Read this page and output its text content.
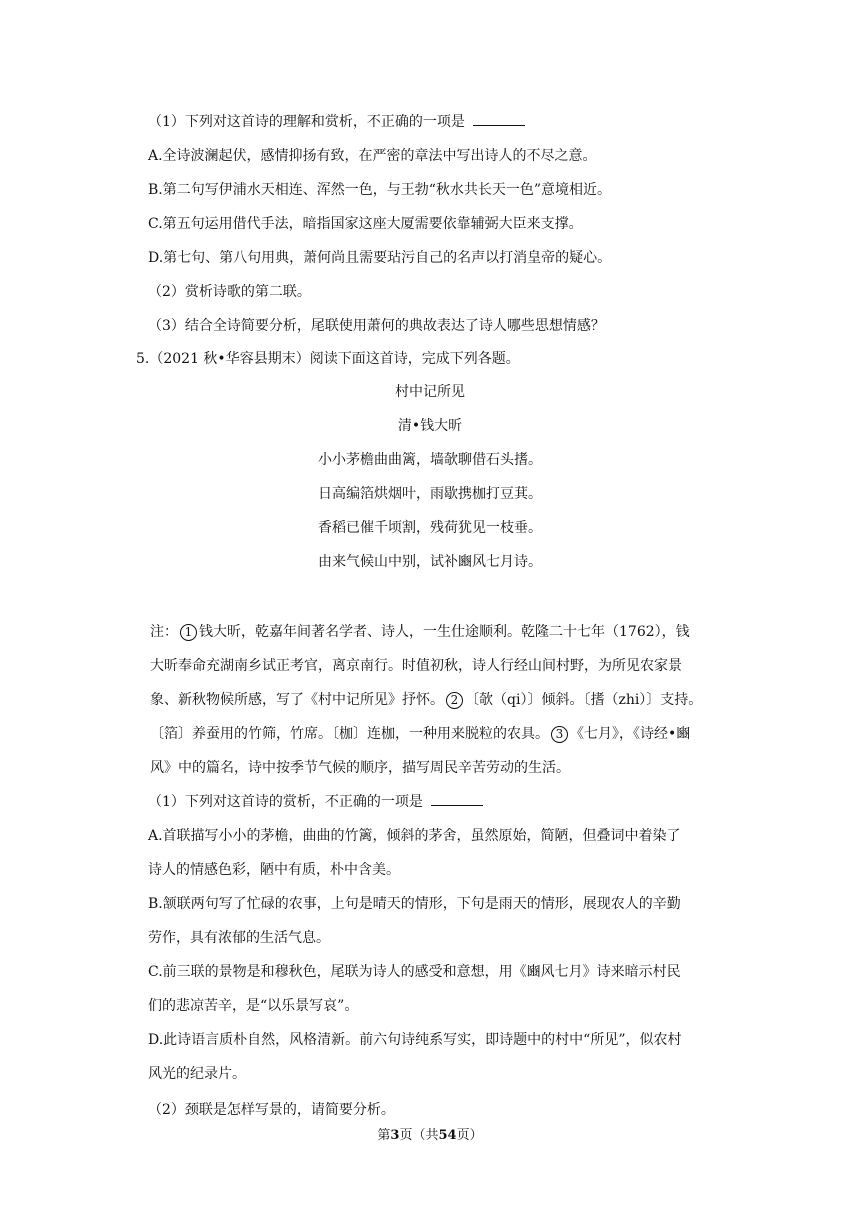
（1）下列对这首诗的理解和赏析，不正确的一项是
A.全诗波澜起伏，感情抑扬有致，在严密的章法中写出诗人的不尽之意。
B.第二句写伊浦水天相连、浑然一色，与王勃“秋水共长天一色”意境相近。
C.第五句运用借代手法，暗指国家这座大厦需要依靠辅弼大臣来支撑。
D.第七句、第八句用典，萧何尚且需要玷污自己的名声以打消皇帝的疑心。
（2）赏析诗歌的第二联。
（3）结合全诗简要分析，尾联使用萧何的典故表达了诗人哪些思想情感？
5.（2021 秋•华容县期末）阅读下面这首诗，完成下列各题。
村中记所见
清•钱大昕
小小茅檐曲曲篱，墙欹聊借石头搘。
日高编箔烘烟叶，雨歇携枷打豆萁。
香稻已催千顷割，残荷犹见一枝垂。
由来气候山中别，试补豳风七月诗。
注： 1 钱大昕，乾嘉年间著名学者、诗人，一生仕途顺利。乾隆二十七年（1762），钱
大昕奉命充湖南乡试正考官，离京南行。时值初秋，诗人行经山间村野，为所见农家景
象、新秋物候所感，写了《村中记所见》抒怀。 2 〔欹（qi）〕倾斜。〔搘（zhi）〕支持。
〔箔〕养蚕用的竹筛，竹席。〔枷〕连枷，一种用来脱粒的农具。 3 《七月》，《诗经•豳
风》中的篇名，诗中按季节气候的顺序，描写周民辛苦劳动的生活。
（1）下列对这首诗的赏析，不正确的一项是
A.首联描写小小的茅檐，曲曲的竹篱，倾斜的茅舍，虽然原始，简陋，但叠词中着染了
诗人的情感色彩，陋中有质，朴中含美。
B.颔联两句写了忙碌的农事，上句是晴天的情形，下句是雨天的情形，展现农人的辛勤
劳作，具有浓郁的生活气息。
C.前三联的景物是和穆秋色，尾联为诗人的感受和意想，用《豳风七月》诗来暗示村民
们的悲凉苦辛，是“以乐景写哀”。
D.此诗语言质朴自然，风格清新。前六句诗纯系写实，即诗题中的村中“所见”，似农村
风光的纪录片。
（2）颈联是怎样写景的，请简要分析。
第3页（共54页）
